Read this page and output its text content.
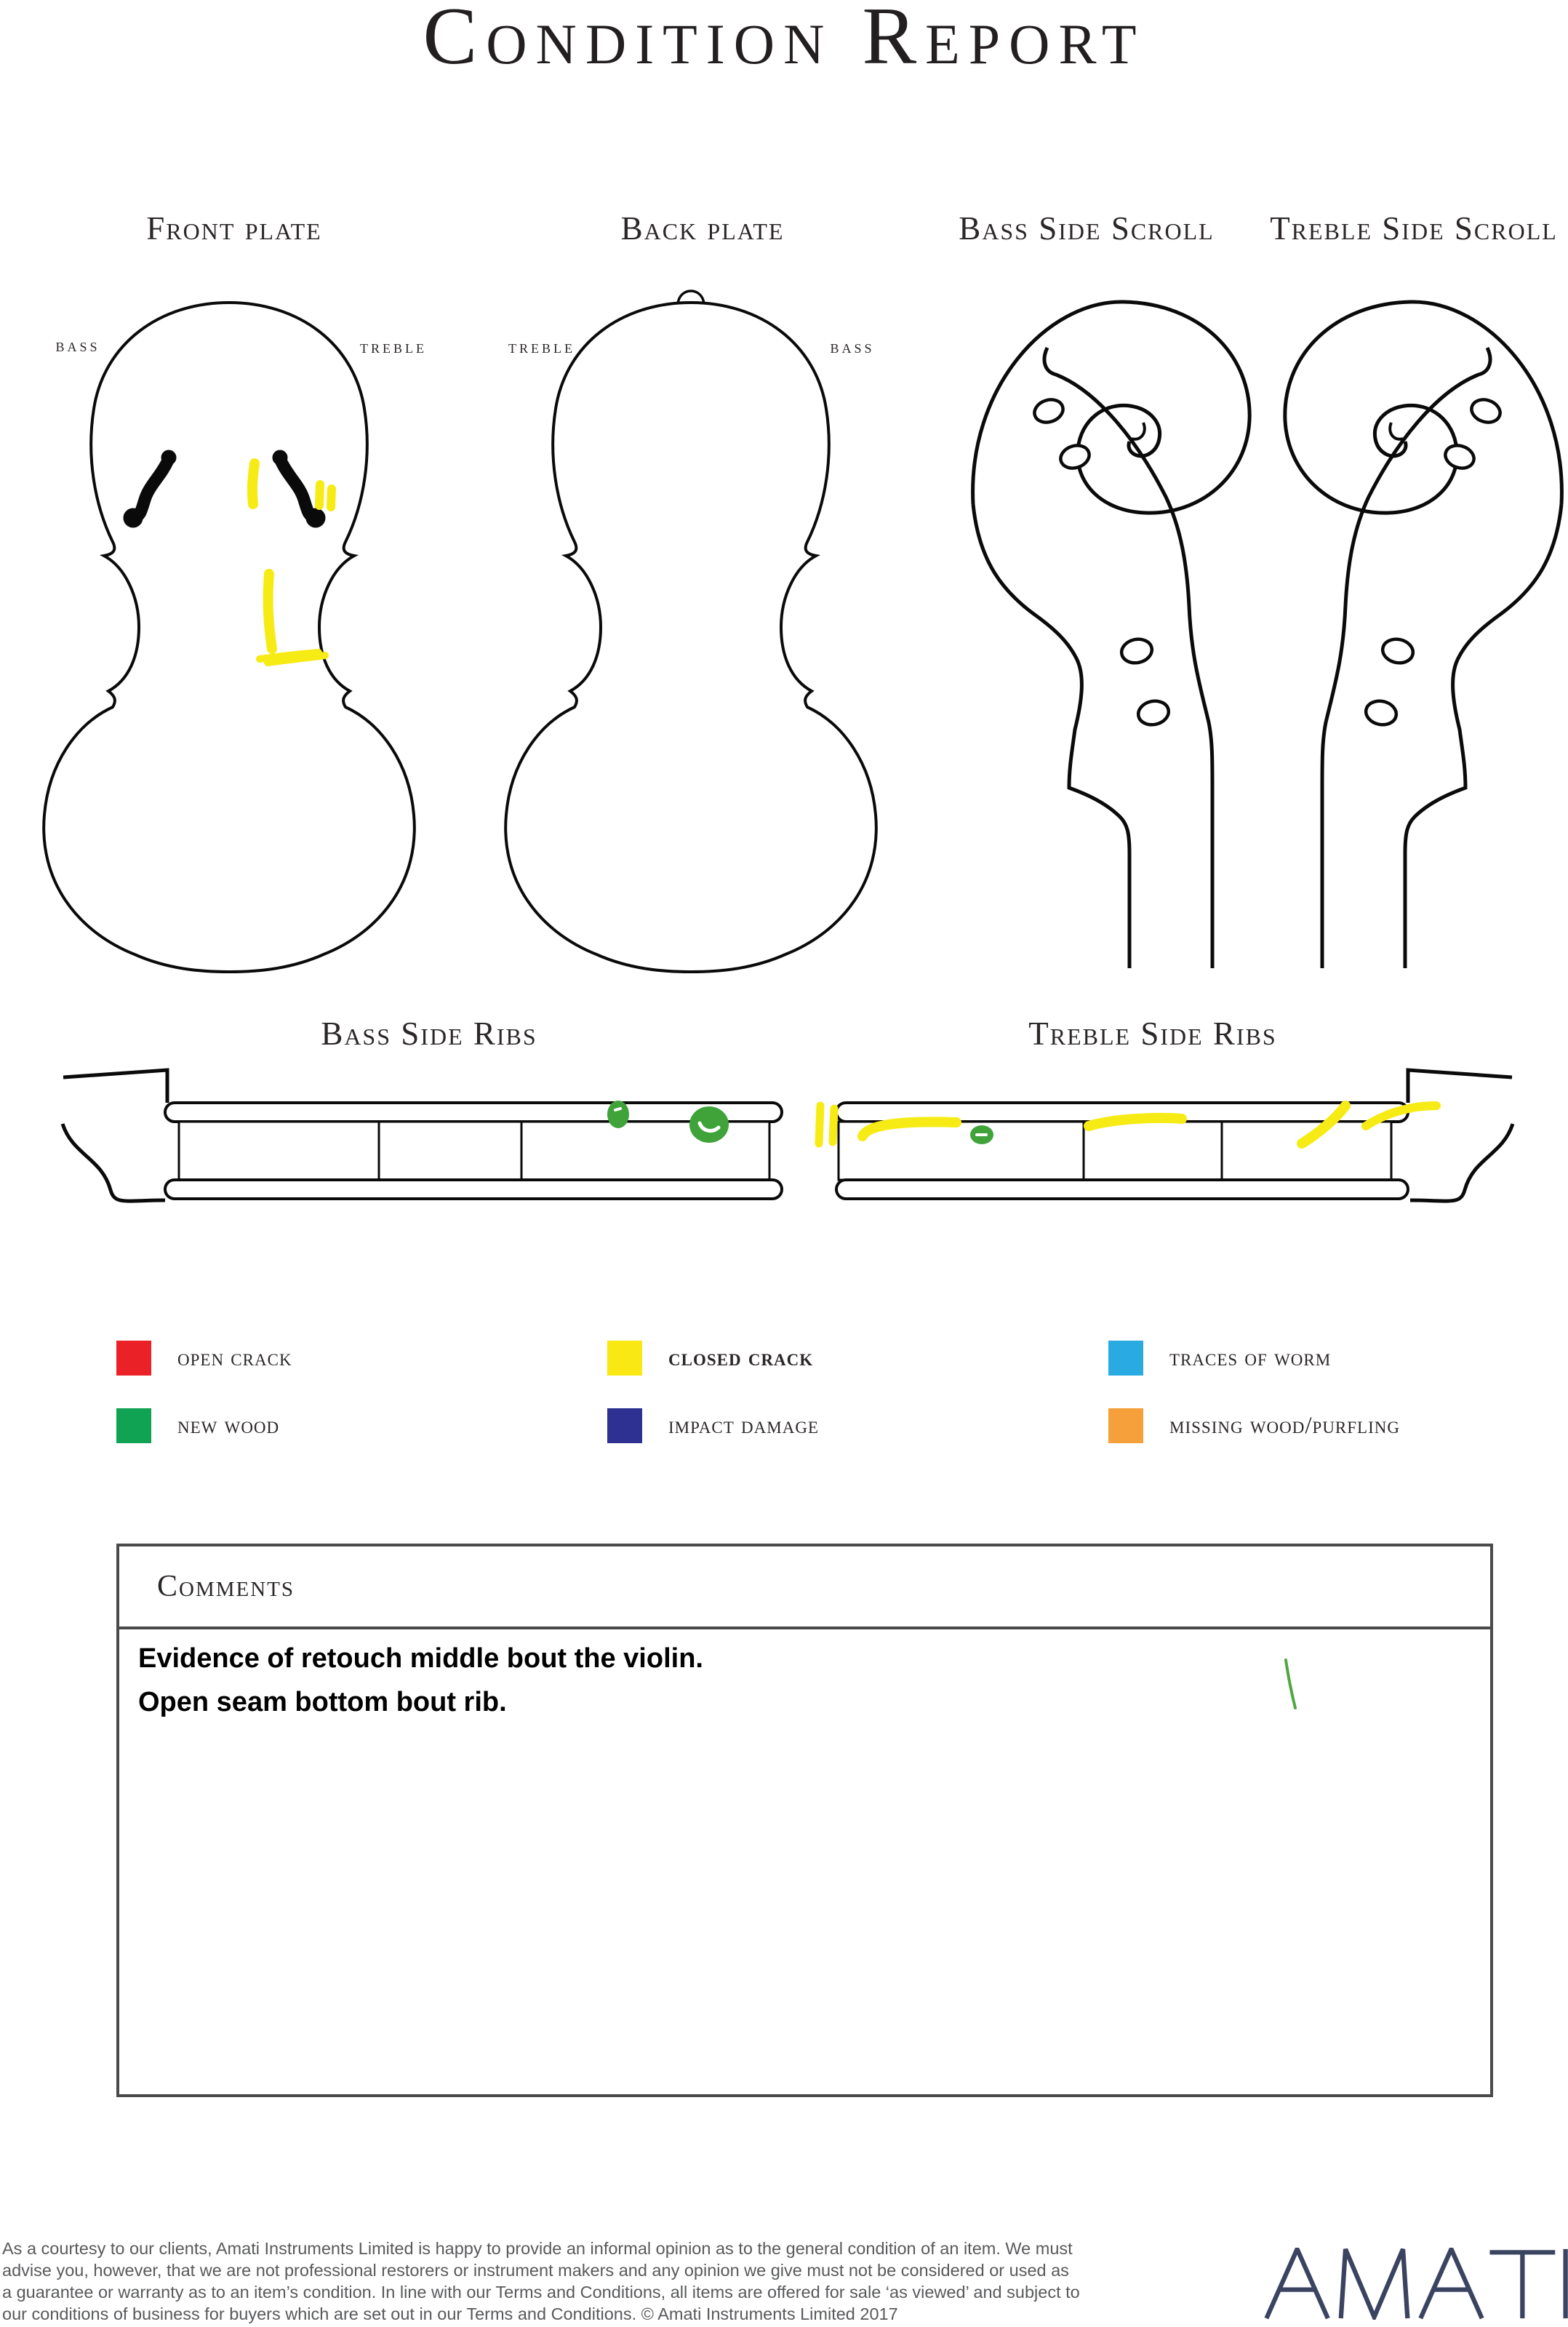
Condition Report
Front plate	Back plate	Bass Side Scroll Treble Side Scroll
Bass Side Ribs	Treble Side Ribs
bass	treble	treble	bass
open crack	closed crack	traces of worm
new wood	impact damage	missing wood/purfling
Comments
Evidence of retouch middle bout the violin.
Open seam bottom bout rib.
As a courtesy to our clients, Amati Instruments Limited is happy to provide an informal opinion as to the general condition of an item. We must
advise you, however, that we are not professional restorers or instrument makers and any opinion we give must not be considered or used as
a guarantee or warranty as to an item’s condition. In line with our Terms and Conditions, all items are offered for sale ‘as viewed’ and subject to
our conditions of business for buyers which are set out in our Terms and Conditions. © Amati Instruments Limited 2017
